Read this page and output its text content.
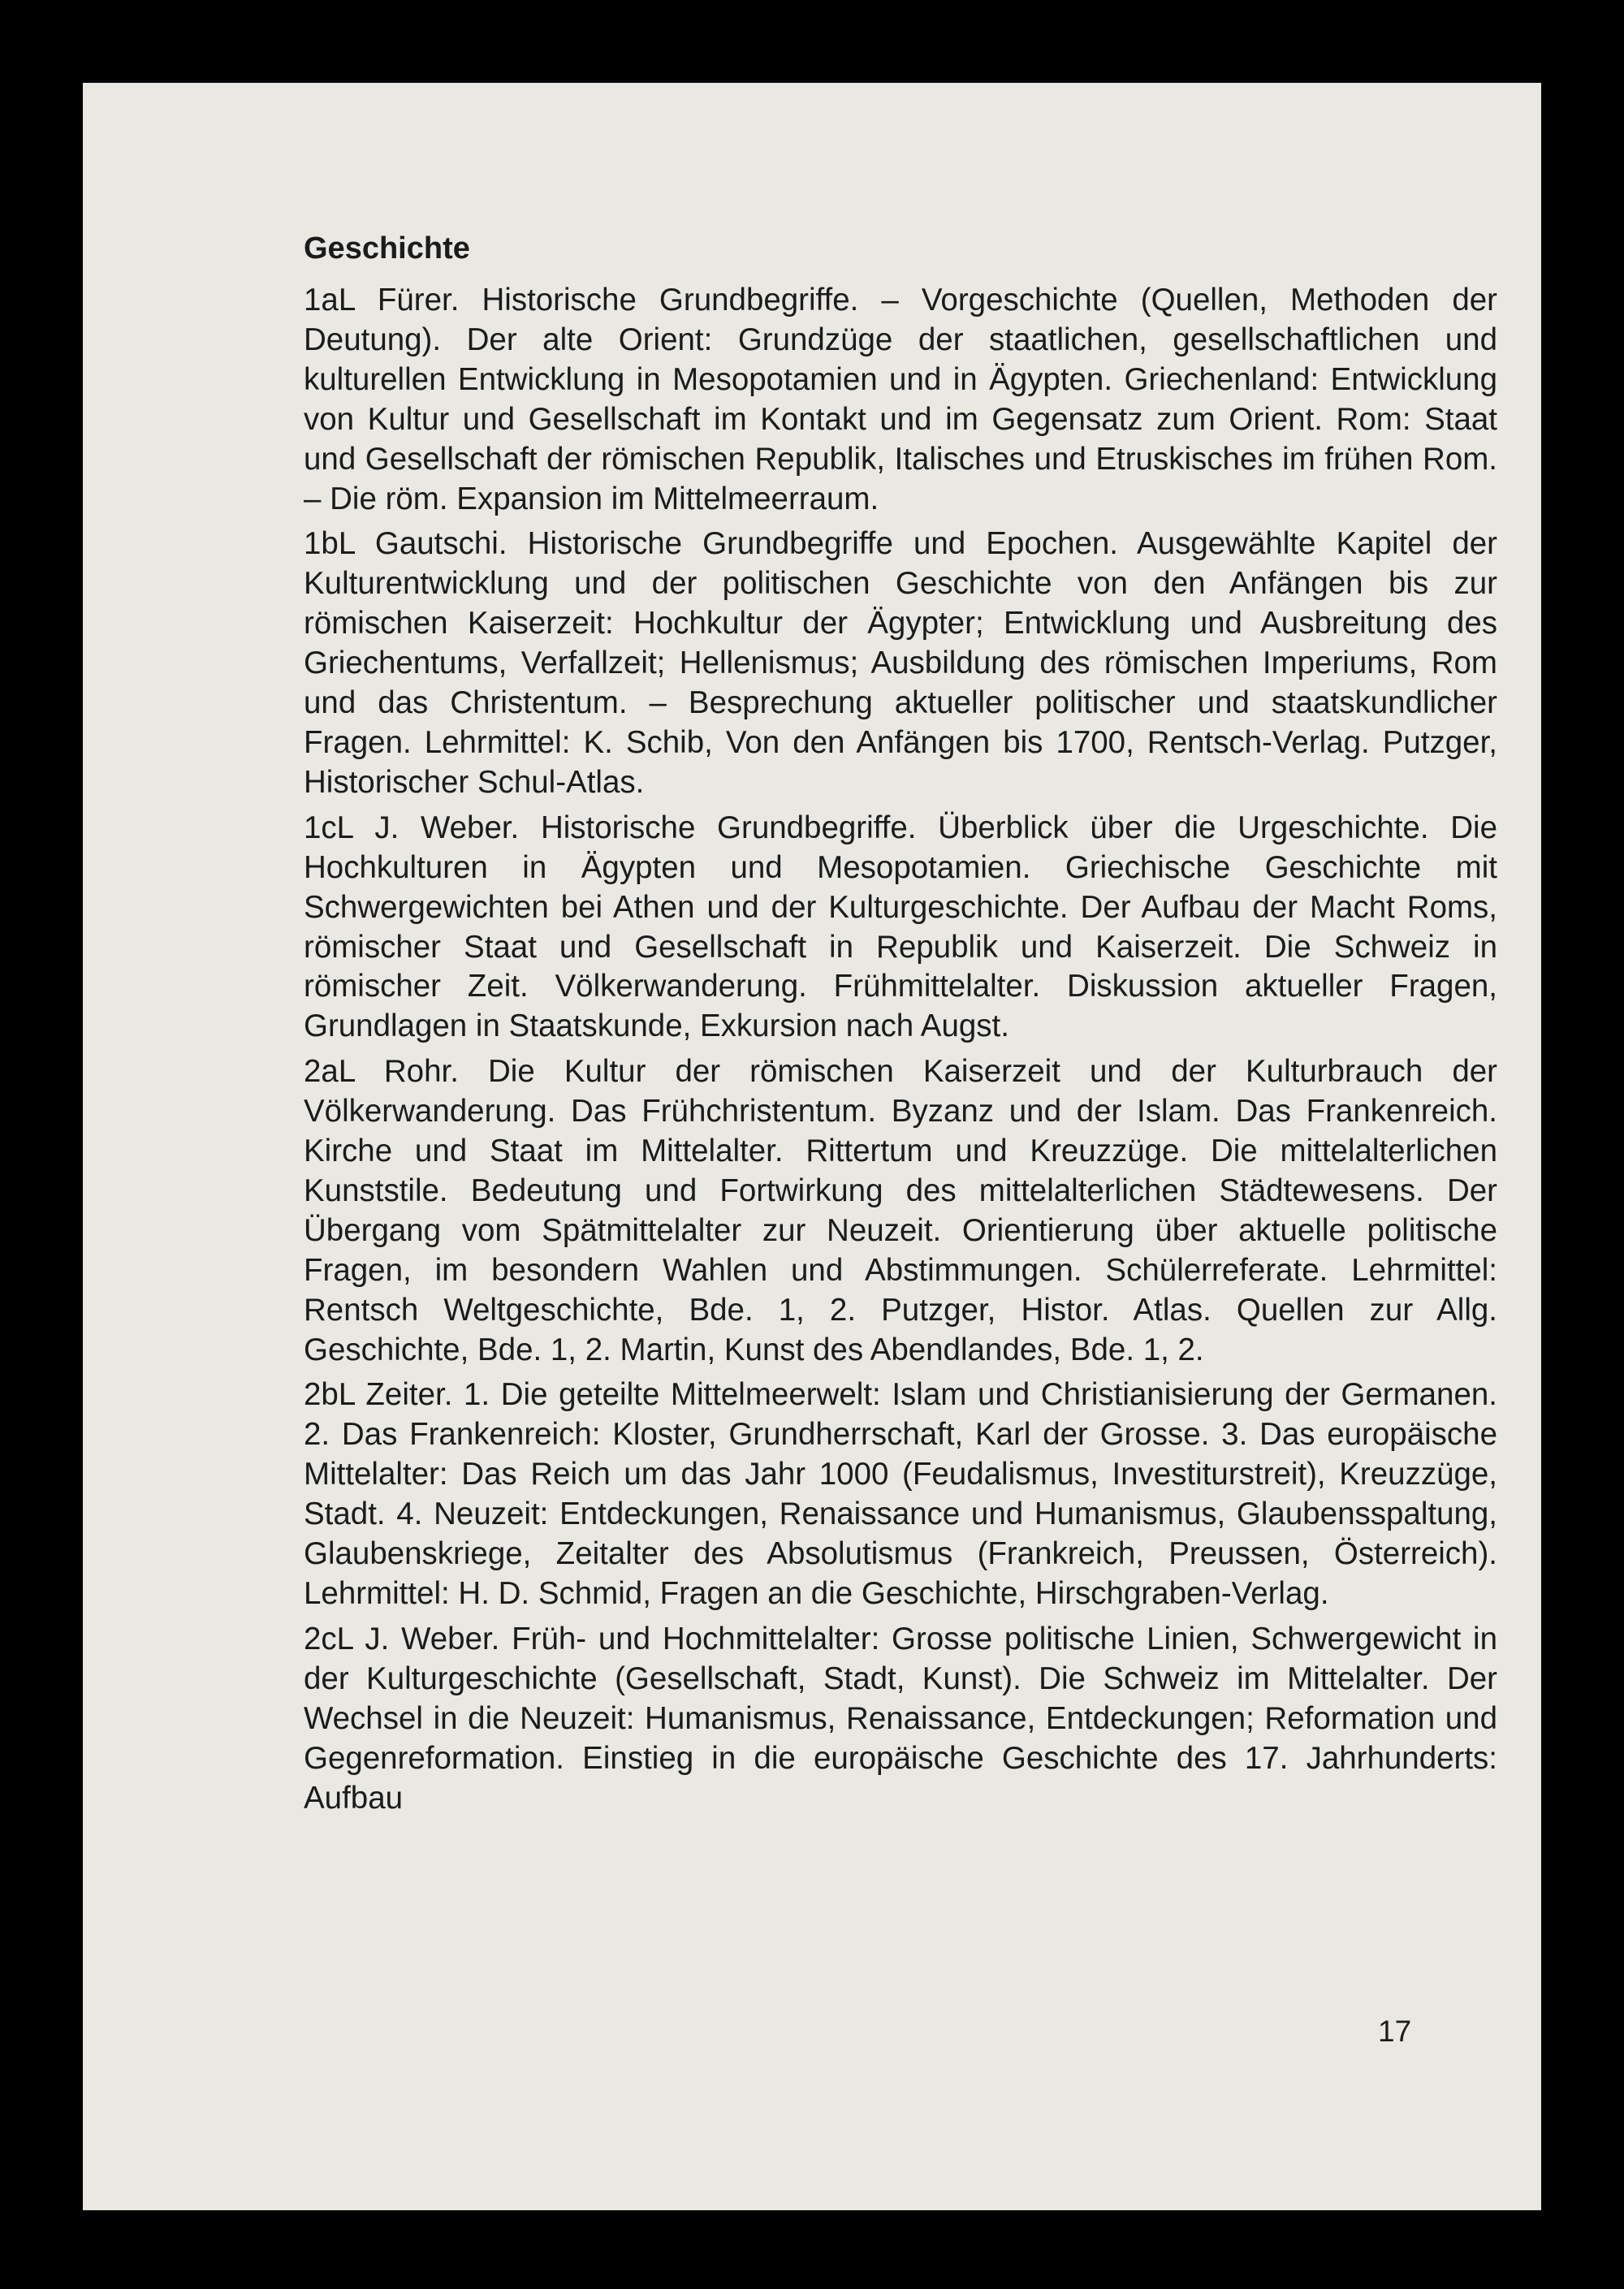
Geschichte

1aL Fürer. Historische Grundbegriffe. – Vorgeschichte (Quellen, Methoden der Deutung). Der alte Orient: Grundzüge der staatlichen, gesellschaftlichen und kulturellen Entwicklung in Mesopotamien und in Ägypten. Griechenland: Entwicklung von Kultur und Gesellschaft im Kontakt und im Gegensatz zum Orient. Rom: Staat und Gesellschaft der römischen Republik, Italisches und Etruskisches im frühen Rom. – Die röm. Expansion im Mittelmeerraum.

1bL Gautschi. Historische Grundbegriffe und Epochen. Ausgewählte Kapitel der Kulturentwicklung und der politischen Geschichte von den Anfängen bis zur römischen Kaiserzeit: Hochkultur der Ägypter; Entwicklung und Ausbreitung des Griechentums, Verfallzeit; Hellenismus; Ausbildung des römischen Imperiums, Rom und das Christentum. – Besprechung aktueller politischer und staatskundlicher Fragen. Lehrmittel: K. Schib, Von den Anfängen bis 1700, Rentsch-Verlag. Putzger, Historischer Schul-Atlas.

1cL J. Weber. Historische Grundbegriffe. Überblick über die Urgeschichte. Die Hochkulturen in Ägypten und Mesopotamien. Griechische Geschichte mit Schwergewichten bei Athen und der Kulturgeschichte. Der Aufbau der Macht Roms, römischer Staat und Gesellschaft in Republik und Kaiserzeit. Die Schweiz in römischer Zeit. Völkerwanderung. Frühmittelalter. Diskussion aktueller Fragen, Grundlagen in Staatskunde, Exkursion nach Augst.

2aL Rohr. Die Kultur der römischen Kaiserzeit und der Kulturbrauch der Völkerwanderung. Das Frühchristentum. Byzanz und der Islam. Das Frankenreich. Kirche und Staat im Mittelalter. Rittertum und Kreuzzüge. Die mittelalterlichen Kunststile. Bedeutung und Fortwirkung des mittelalterlichen Städtewesens. Der Übergang vom Spätmittelalter zur Neuzeit. Orientierung über aktuelle politische Fragen, im besondern Wahlen und Abstimmungen. Schülerreferate. Lehrmittel: Rentsch Weltgeschichte, Bde. 1, 2. Putzger, Histor. Atlas. Quellen zur Allg. Geschichte, Bde. 1, 2. Martin, Kunst des Abendlandes, Bde. 1, 2.

2bL Zeiter. 1. Die geteilte Mittelmeerwelt: Islam und Christianisierung der Germanen. 2. Das Frankenreich: Kloster, Grundherrschaft, Karl der Grosse. 3. Das europäische Mittelalter: Das Reich um das Jahr 1000 (Feudalismus, Investiturstreit), Kreuzzüge, Stadt. 4. Neuzeit: Entdeckungen, Renaissance und Humanismus, Glaubensspaltung, Glaubenskriege, Zeitalter des Absolutismus (Frankreich, Preussen, Österreich). Lehrmittel: H. D. Schmid, Fragen an die Geschichte, Hirschgraben-Verlag.

2cL J. Weber. Früh- und Hochmittelalter: Grosse politische Linien, Schwergewicht in der Kulturgeschichte (Gesellschaft, Stadt, Kunst). Die Schweiz im Mittelalter. Der Wechsel in die Neuzeit: Humanismus, Renaissance, Entdeckungen; Reformation und Gegenreformation. Einstieg in die europäische Geschichte des 17. Jahrhunderts: Aufbau

17
